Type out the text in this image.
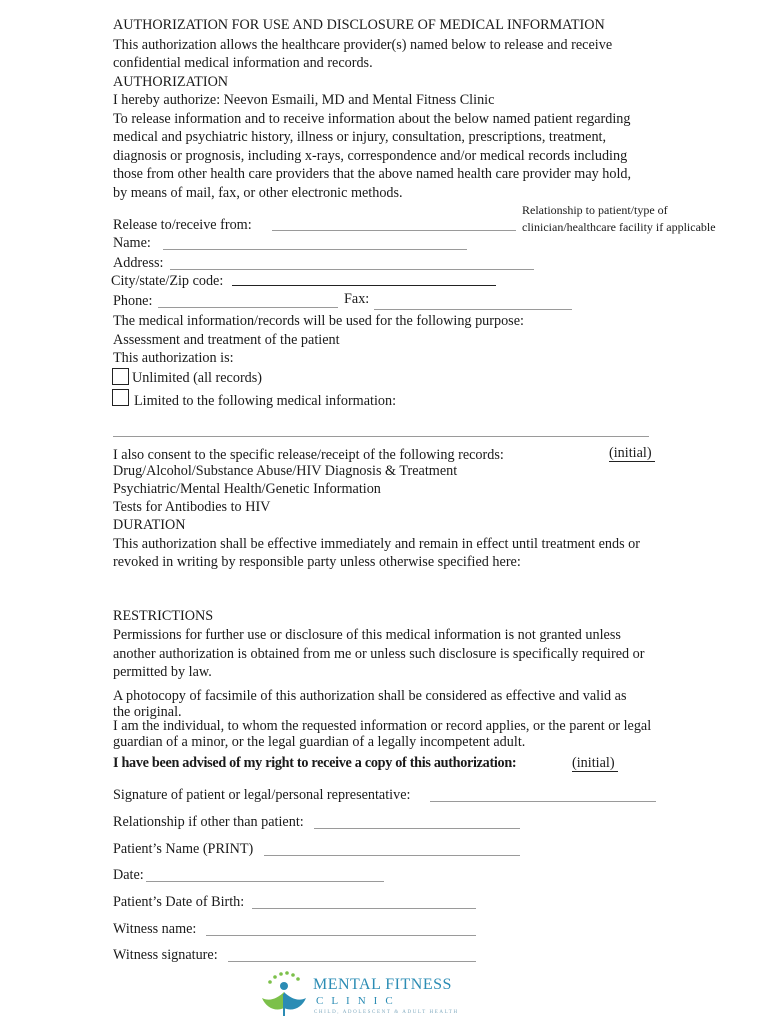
AUTHORIZATION FOR USE AND DISCLOSURE OF MEDICAL INFORMATION
This authorization allows the healthcare provider(s) named below to release and receive
confidential medical information and records.
AUTHORIZATION
I hereby authorize: Neevon Esmaili, MD and Mental Fitness Clinic
To release information and to receive information about the below named patient regarding
medical and psychiatric history, illness or injury, consultation, prescriptions, treatment,
diagnosis or prognosis, including x-rays, correspondence and/or medical records including
those from other health care providers that the above named health care provider may hold,
by means of mail, fax, or other electronic methods.
Relationship to patient/type of
clinician/healthcare facility if applicable
Release to/receive from:
Name:
Address:
City/state/Zip code:
Phone:	Fax:
The medical information/records will be used for the following purpose:
Assessment and treatment of the patient
This authorization is:
Unlimited (all records)
Limited to the following medical information:
I also consent to the specific release/receipt of the following records:	(initial)
Drug/Alcohol/Substance Abuse/HIV Diagnosis & Treatment
Psychiatric/Mental Health/Genetic Information
Tests for Antibodies to HIV
DURATION
This authorization shall be effective immediately and remain in effect until treatment ends or
revoked in writing by responsible party unless otherwise specified here:
RESTRICTIONS
Permissions for further use or disclosure of this medical information is not granted unless
another authorization is obtained from me or unless such disclosure is specifically required or
permitted by law.
A photocopy of facsimile of this authorization shall be considered as effective and valid as
the original.
I am the individual, to whom the requested information or record applies, or the parent or legal
guardian of a minor, or the legal guardian of a legally incompetent adult.
I have been advised of my right to receive a copy of this authorization:	(initial)
Signature of patient or legal/personal representative:
Relationship if other than patient:
Patient’s Name (PRINT)
Date:
Patient’s Date of Birth:
Witness name:
Witness signature:
MENTAL FITNESS
CLINIC
CHILD, ADOLESCENT & ADULT HEALTH
